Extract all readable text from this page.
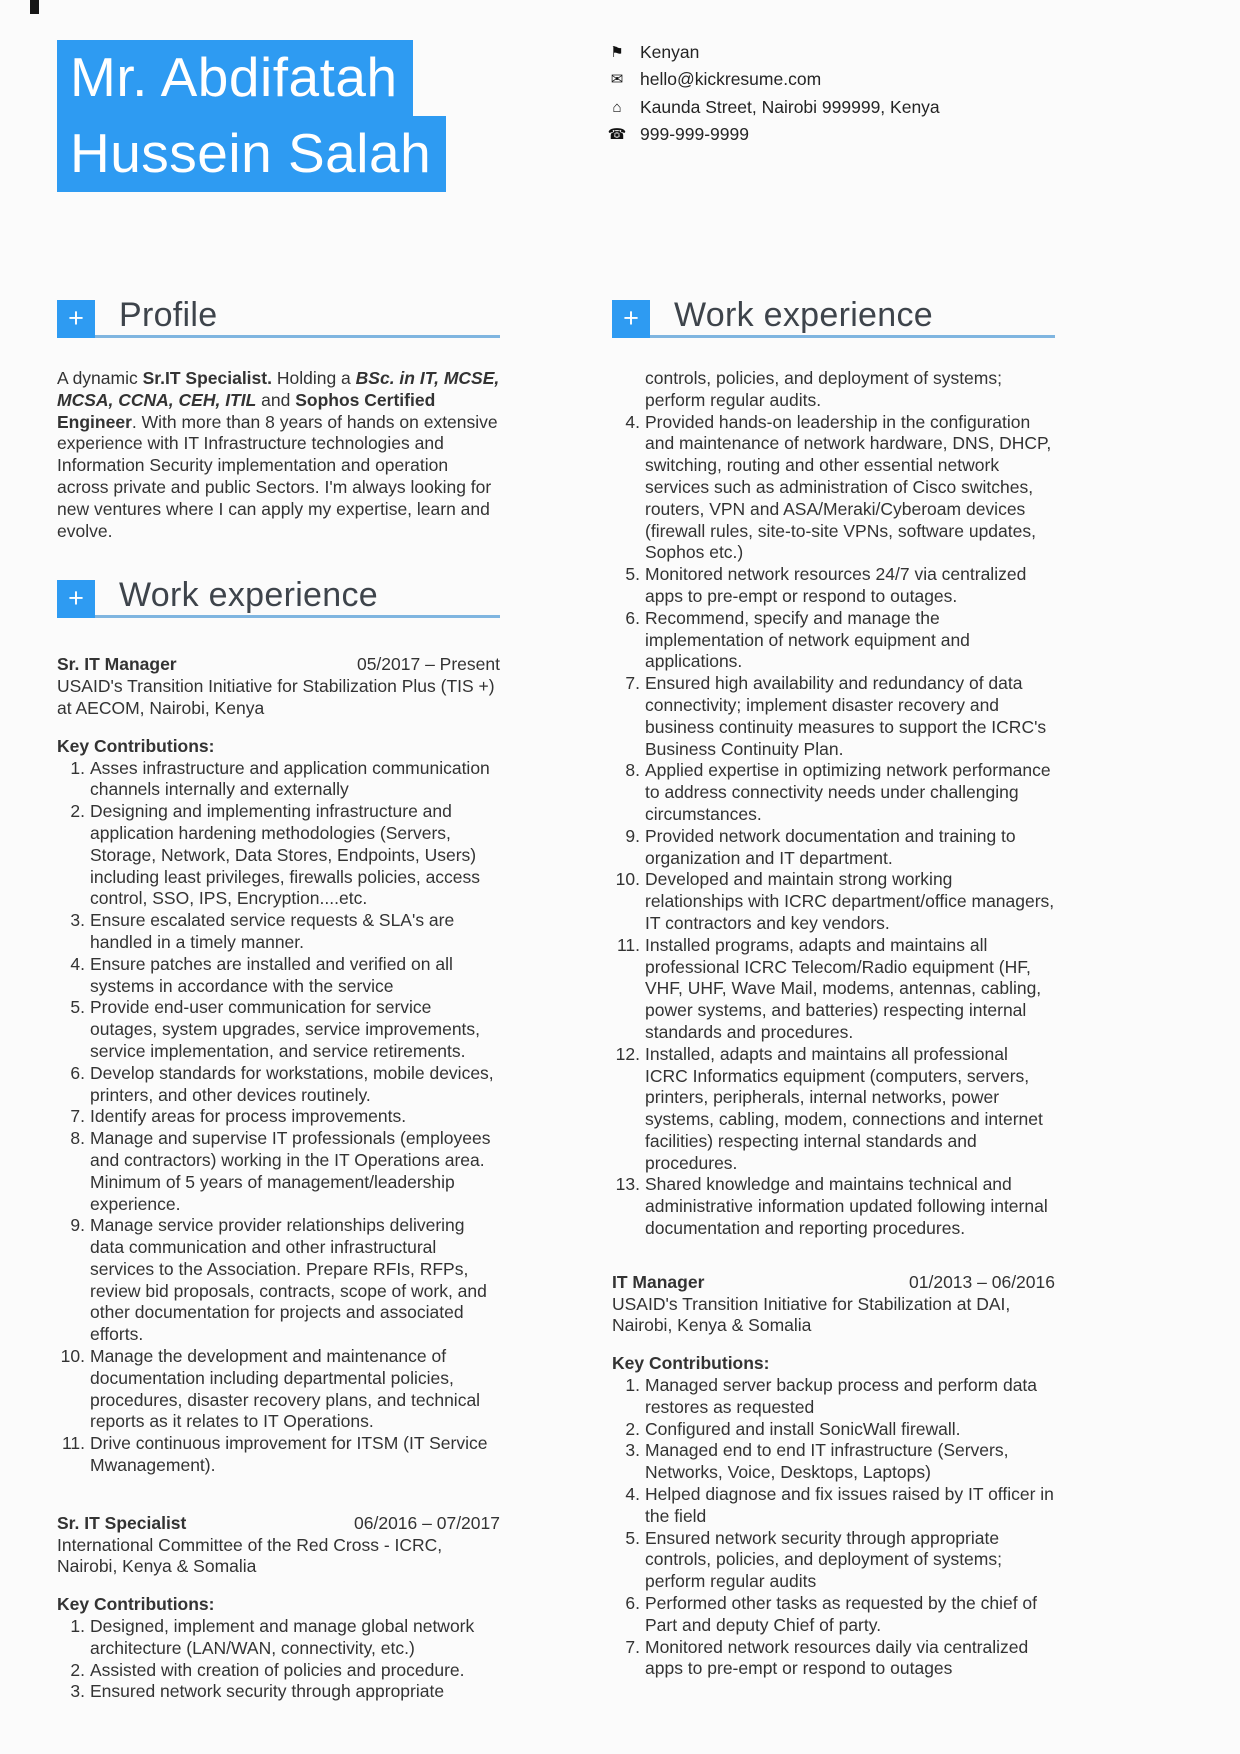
Mr. Abdifatah
Hussein Salah
⚑ Kenyan
✉ hello@kickresume.com
⌂	Kaunda Street, Nairobi 999999, Kenya
☎ 999-999-9999
+ Profile

A dynamic Sr.IT Specialist. Holding a BSc. in IT, MCSE, MCSA, CCNA, CEH, ITIL and Sophos Certified Engineer. With more than 8 years of hands on extensive experience with IT Infrastructure technologies and Information Security implementation and operation across private and public Sectors. I'm always looking for new ventures where I can apply my expertise, learn and evolve.

+ Work experience
Sr. IT Manager	05/2017 – Present

USAID's Transition Initiative for Stabilization Plus (TIS +) at AECOM, Nairobi, Kenya

Key Contributions:

1. Asses infrastructure and application communication channels internally and externally
2. Designing and implementing infrastructure and application hardening methodologies (Servers, Storage, Network, Data Stores, Endpoints, Users) including least privileges, firewalls policies, access control, SSO, IPS, Encryption....etc.
3. Ensure escalated service requests & SLA's are handled in a timely manner.
4. Ensure patches are installed and verified on all systems in accordance with the service
5. Provide end-user communication for service outages, system upgrades, service improvements, service implementation, and service retirements.
6. Develop standards for workstations, mobile devices, printers, and other devices routinely.
7. Identify areas for process improvements.
8. Manage and supervise IT professionals (employees and contractors) working in the IT Operations area. Minimum of 5 years of management/leadership experience.
9. Manage service provider relationships delivering data communication and other infrastructural services to the Association. Prepare RFIs, RFPs, review bid proposals, contracts, scope of work, and other documentation for projects and associated efforts.
10. Manage the development and maintenance of documentation including departmental policies, procedures, disaster recovery plans, and technical reports as it relates to IT Operations.
11. Drive continuous improvement for ITSM (IT Service Mwanagement).
Sr. IT Specialist	06/2016 – 07/2017

International Committee of the Red Cross - ICRC, Nairobi, Kenya & Somalia

Key Contributions:

1. Designed, implement and manage global network architecture (LAN/WAN, connectivity, etc.)
2. Assisted with creation of policies and procedure.
3. Ensured network security through appropriate
+ Work experience
controls, policies, and deployment of systems; perform regular audits.
4. Provided hands-on leadership in the configuration and maintenance of network hardware, DNS, DHCP, switching, routing and other essential network services such as administration of Cisco switches, routers, VPN and ASA/Meraki/Cyberoam devices (firewall rules, site-to-site VPNs, software updates, Sophos etc.)
5. Monitored network resources 24/7 via centralized apps to pre-empt or respond to outages.
6. Recommend, specify and manage the implementation of network equipment and applications.
7. Ensured high availability and redundancy of data connectivity; implement disaster recovery and business continuity measures to support the ICRC's Business Continuity Plan.
8. Applied expertise in optimizing network performance to address connectivity needs under challenging circumstances.
9. Provided network documentation and training to organization and IT department.
10. Developed and maintain strong working relationships with ICRC department/office managers, IT contractors and key vendors.
11. Installed programs, adapts and maintains all professional ICRC Telecom/Radio equipment (HF, VHF, UHF, Wave Mail, modems, antennas, cabling, power systems, and batteries) respecting internal standards and procedures.
12. Installed, adapts and maintains all professional ICRC Informatics equipment (computers, servers, printers, peripherals, internal networks, power systems, cabling, modem, connections and internet facilities) respecting internal standards and procedures.
13. Shared knowledge and maintains technical and administrative information updated following internal documentation and reporting procedures.
IT Manager	01/2013 – 06/2016

USAID's Transition Initiative for Stabilization at DAI, Nairobi, Kenya & Somalia

Key Contributions:

1. Managed server backup process and perform data restores as requested
2. Configured and install SonicWall firewall.
3. Managed end to end IT infrastructure (Servers, Networks, Voice, Desktops, Laptops)
4. Helped diagnose and fix issues raised by IT officer in the field
5. Ensured network security through appropriate controls, policies, and deployment of systems; perform regular audits
6. Performed other tasks as requested by the chief of Part and deputy Chief of party.
7. Monitored network resources daily via centralized apps to pre-empt or respond to outages
